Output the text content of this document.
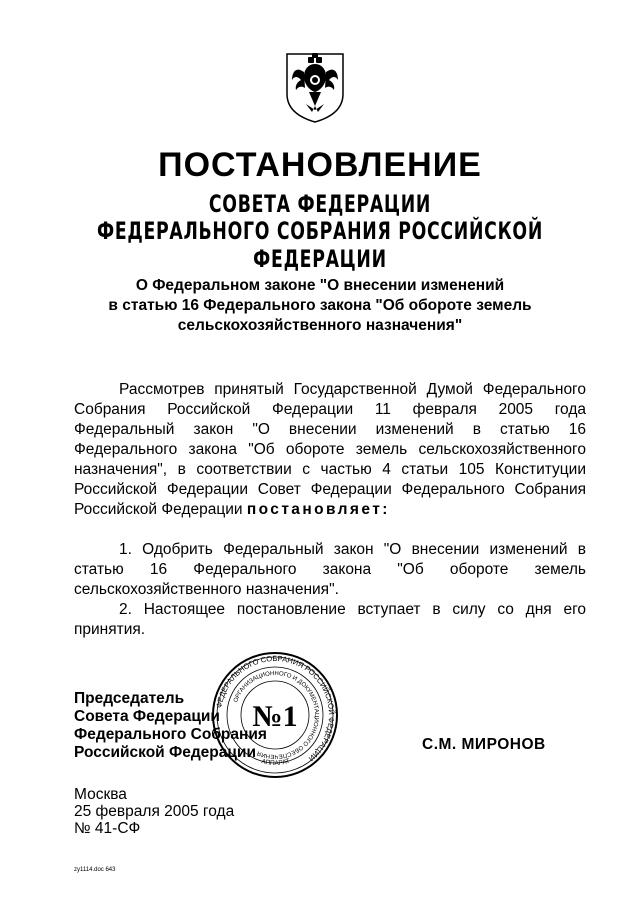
ПОСТАНОВЛЕНИЕ
СОВЕТА ФЕДЕРАЦИИ
ФЕДЕРАЛЬНОГО СОБРАНИЯ РОССИЙСКОЙ ФЕДЕРАЦИИ
О Федеральном законе "О внесении изменений
в статью 16 Федерального закона "Об обороте земель
сельскохозяйственного назначения"

Рассмотрев принятый Государственной Думой Федерального Собрания Российской Федерации 11 февраля 2005 года Федеральный закон "О внесении изменений в статью 16 Федерального закона "Об обороте земель сельскохозяйственного назначения", в соответствии с частью 4 статьи 105 Конституции Российской Федерации Совет Федерации Федерального Собрания Российской Федерации постановляет:

1. Одобрить Федеральный закон "О внесении изменений в статью 16 Федерального закона "Об обороте земель сельскохозяйственного назначения".

2. Настоящее постановление вступает в силу со дня его принятия.

Председатель
Совета Федерации
Федерального Собрания
Российской Федерации
ФЕДЕРАЛЬНОГО СОБРАНИЯ РОССИЙСКОЙ ФЕДЕРАЦИИ
ОРГАНИЗАЦИОННОГО И ДОКУМЕНТАЦИОННОГО ОБЕСПЕЧЕНИЯ
АППАРАТ
№1
С.М. МИРОНОВ
Москва
25 февраля 2005 года
№ 41-СФ
zy1114.doc 643
